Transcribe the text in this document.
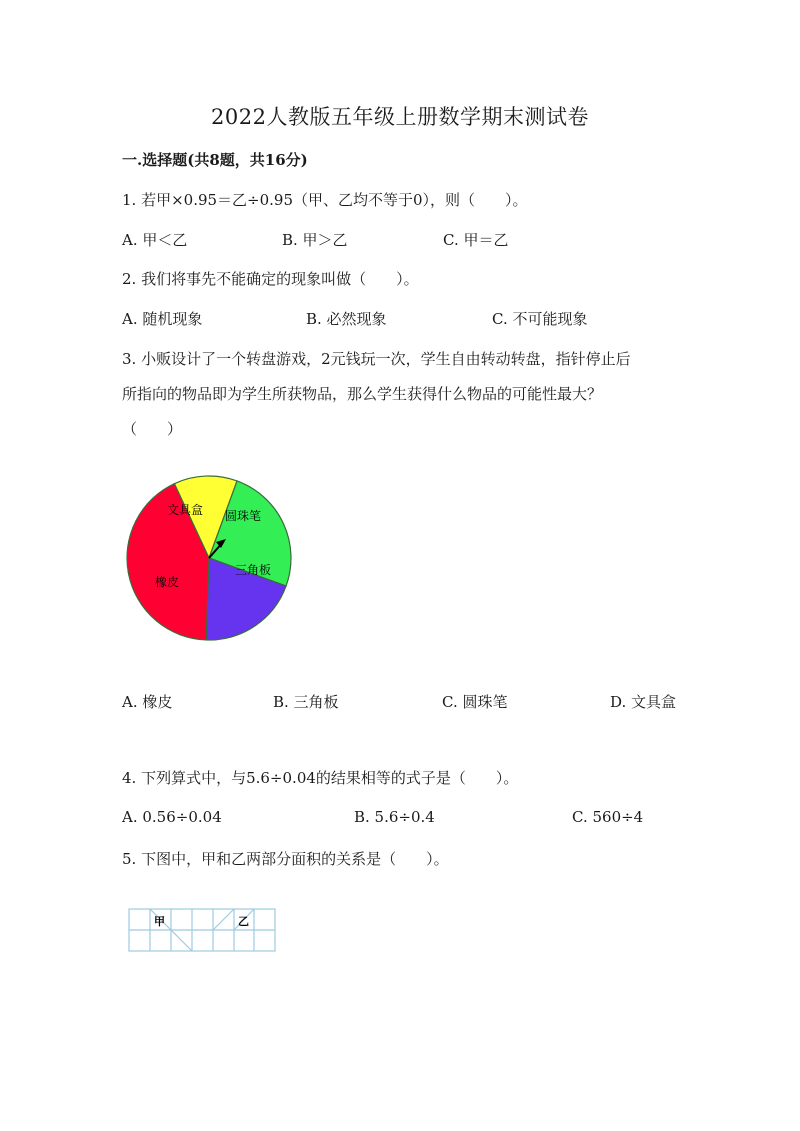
2022人教版五年级上册数学期末测试卷
一.选择题(共8题，共16分)
1. 若甲×0.95＝乙÷0.95（甲、乙均不等于0），则（　　）。
A. 甲＜乙	B. 甲＞乙	C. 甲＝乙
2. 我们将事先不能确定的现象叫做（　　）。
A. 随机现象	B. 必然现象	C. 不可能现象
3. 小贩设计了一个转盘游戏，2元钱玩一次，学生自由转动转盘，指针停止后
所指向的物品即为学生所获物品，那么学生获得什么物品的可能性最大？
（　　）
文具盒 圆珠笔
三角板
橡皮
A. 橡皮	B. 三角板	C. 圆珠笔	D. 文具盒
4. 下列算式中，与5.6÷0.04的结果相等的式子是（　　）。
A. 0.56÷0.04	B. 5.6÷0.4	C. 560÷4
5. 下图中，甲和乙两部分面积的关系是（　　）。
甲	乙
